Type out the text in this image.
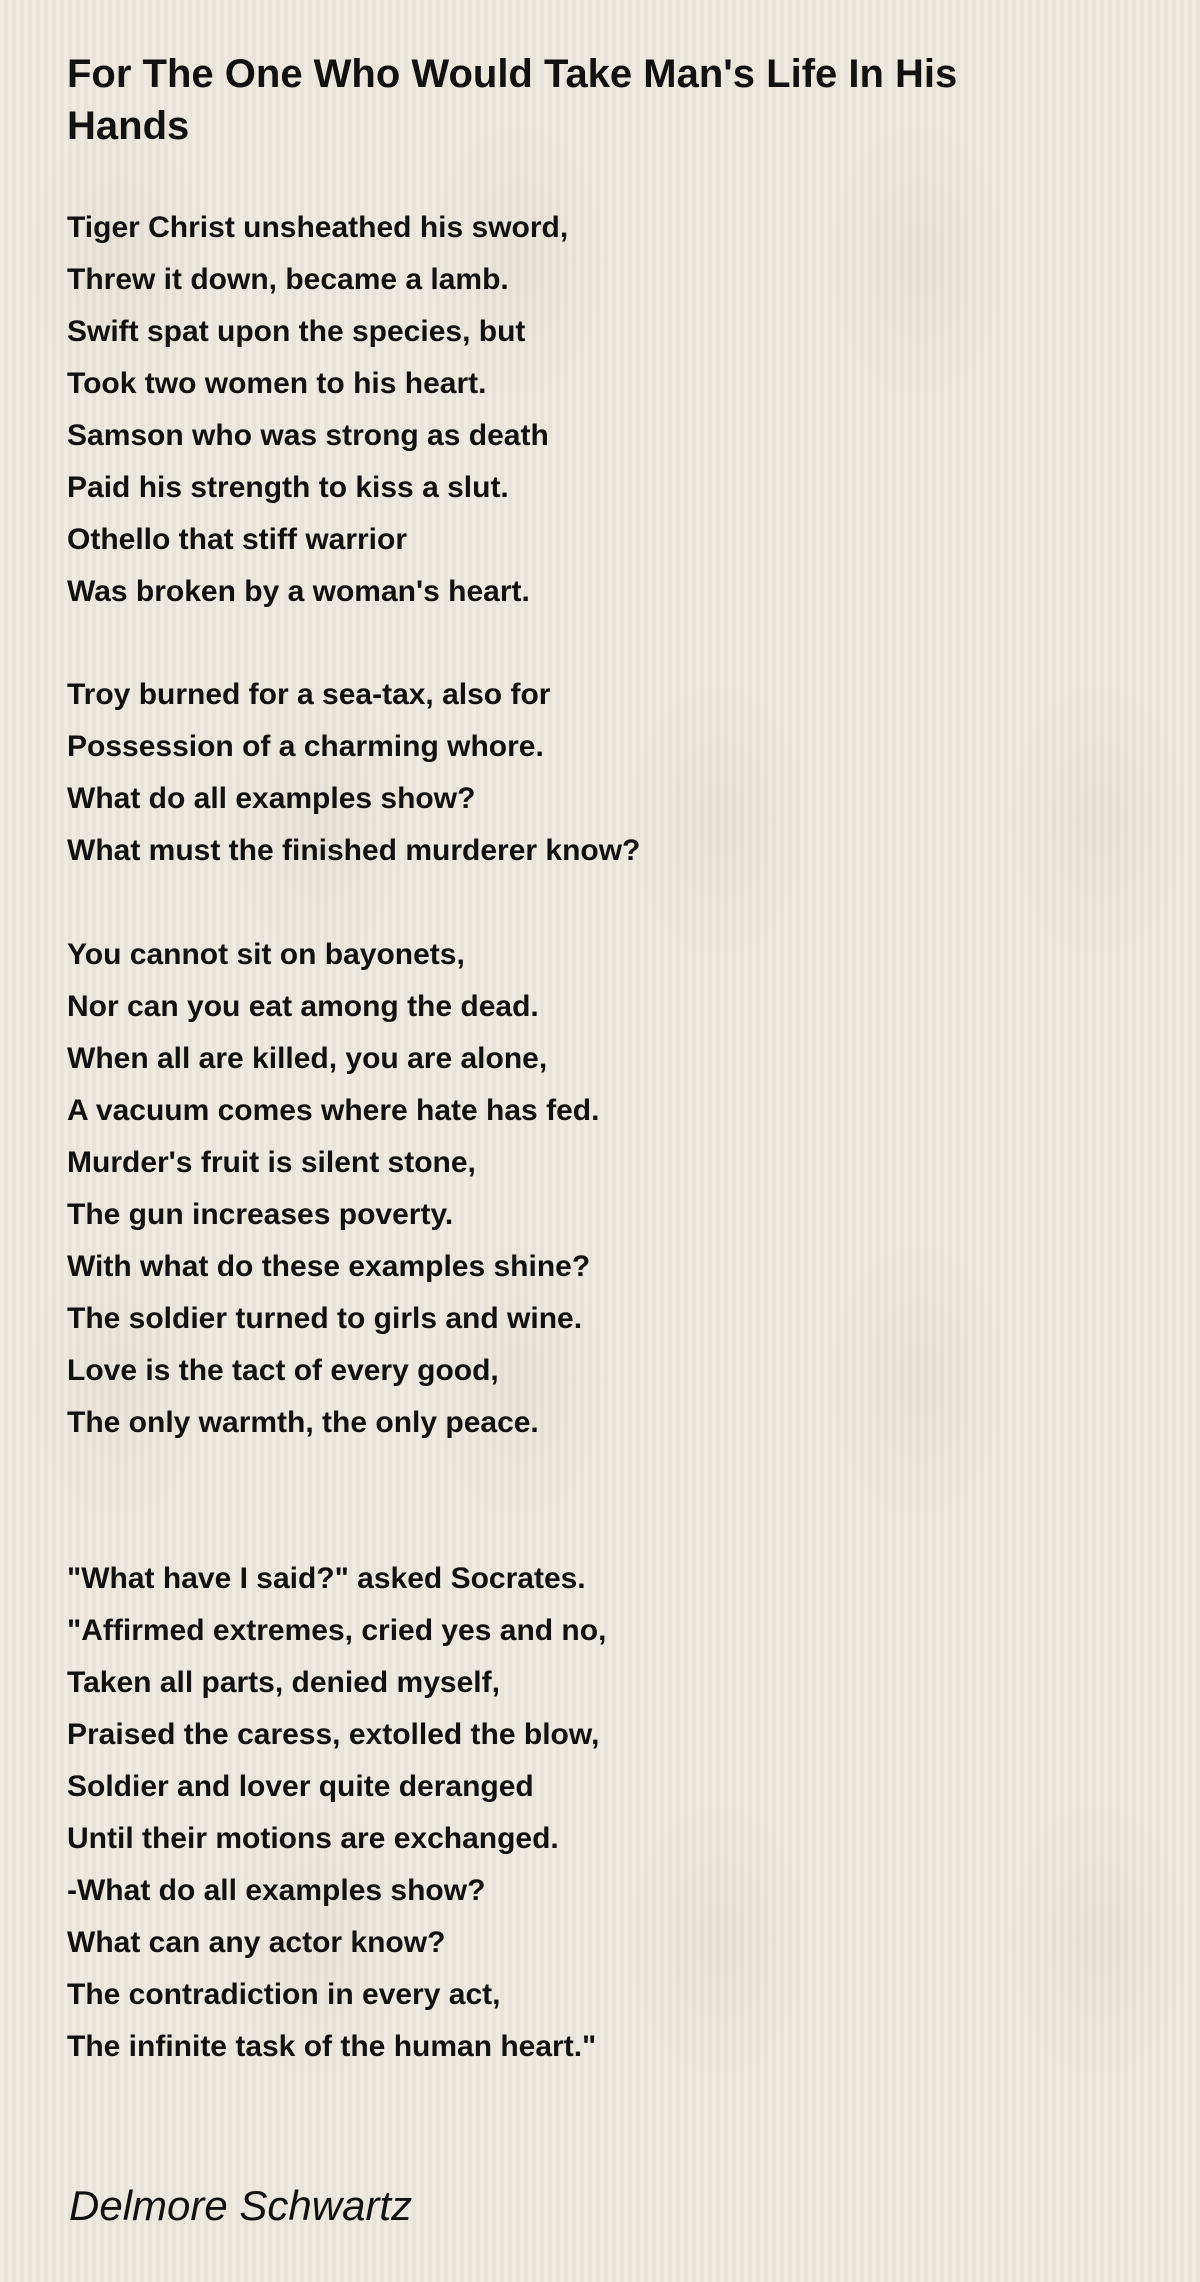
For The One Who Would Take Man's Life In His Hands
Tiger Christ unsheathed his sword,
Threw it down, became a lamb.
Swift spat upon the species, but
Took two women to his heart.
Samson who was strong as death
Paid his strength to kiss a slut.
Othello that stiff warrior
Was broken by a woman's heart.
Troy burned for a sea-tax, also for
Possession of a charming whore.
What do all examples show?
What must the finished murderer know?
You cannot sit on bayonets,
Nor can you eat among the dead.
When all are killed, you are alone,
A vacuum comes where hate has fed.
Murder's fruit is silent stone,
The gun increases poverty.
With what do these examples shine?
The soldier turned to girls and wine.
Love is the tact of every good,
The only warmth, the only peace.
"What have I said?" asked Socrates.
"Affirmed extremes, cried yes and no,
Taken all parts, denied myself,
Praised the caress, extolled the blow,
Soldier and lover quite deranged
Until their motions are exchanged.
-What do all examples show?
What can any actor know?
The contradiction in every act,
The infinite task of the human heart."

Delmore Schwartz
